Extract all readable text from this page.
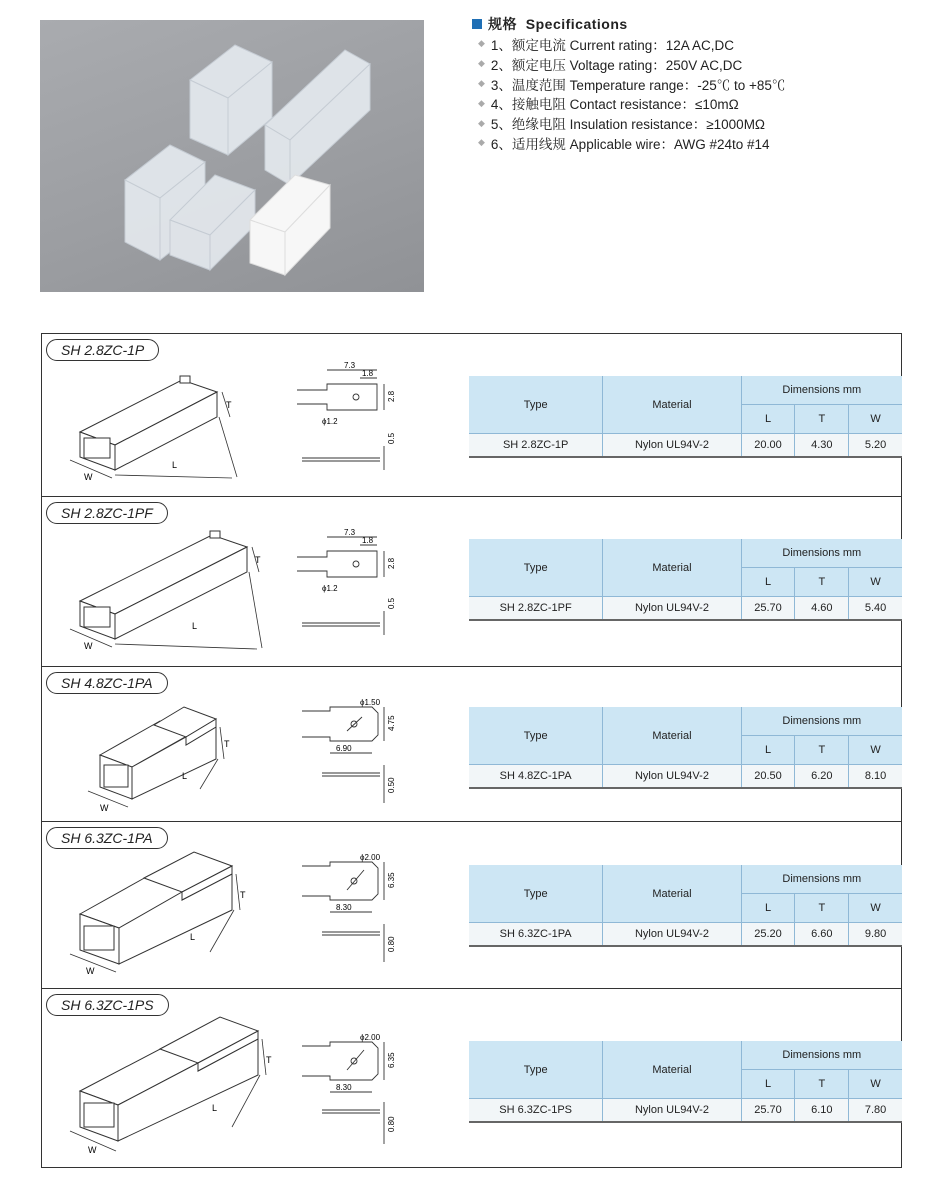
规格
Specifications
◆ 1、额定电流 Current rating：12A AC,DC
◆ 2、额定电压 Voltage rating：250V AC,DC
◆ 3、温度范围 Temperature range：-25℃ to +85℃
◆ 4、接触电阻 Contact resistance：≤10mΩ
◆ 5、绝缘电阻 Insulation resistance：≥1000MΩ
◆ 6、适用线规 Applicable wire：AWG #24to #14
SH 2.8ZC-1P
T
L
W
7.3
1.8
2.8
ϕ1.2
0.5
Type	Material	Dimensions mm		
		L	T	W
SH 2.8ZC-1P	Nylon UL94V-2	20.00	4.30	5.20
SH 2.8ZC-1PF
T
L
W
7.3
1.8
2.8
ϕ1.2
0.5
Type	Material	Dimensions mm		
		L	T	W
SH 2.8ZC-1PF	Nylon UL94V-2	25.70	4.60	5.40
SH 4.8ZC-1PA
T
L
W
ϕ1.50
4.75
6.90
0.50
Type	Material	Dimensions mm		
		L	T	W
SH 4.8ZC-1PA	Nylon UL94V-2	20.50	6.20	8.10
SH 6.3ZC-1PA
T
L
W
ϕ2.00
6.35
8.30
0.80
Type	Material	Dimensions mm		
		L	T	W
SH 6.3ZC-1PA	Nylon UL94V-2	25.20	6.60	9.80
SH 6.3ZC-1PS
T
L
W
ϕ2.00
6.35
8.30
0.80
Type	Material	Dimensions mm		
		L	T	W
SH 6.3ZC-1PS	Nylon UL94V-2	25.70	6.10	7.80
